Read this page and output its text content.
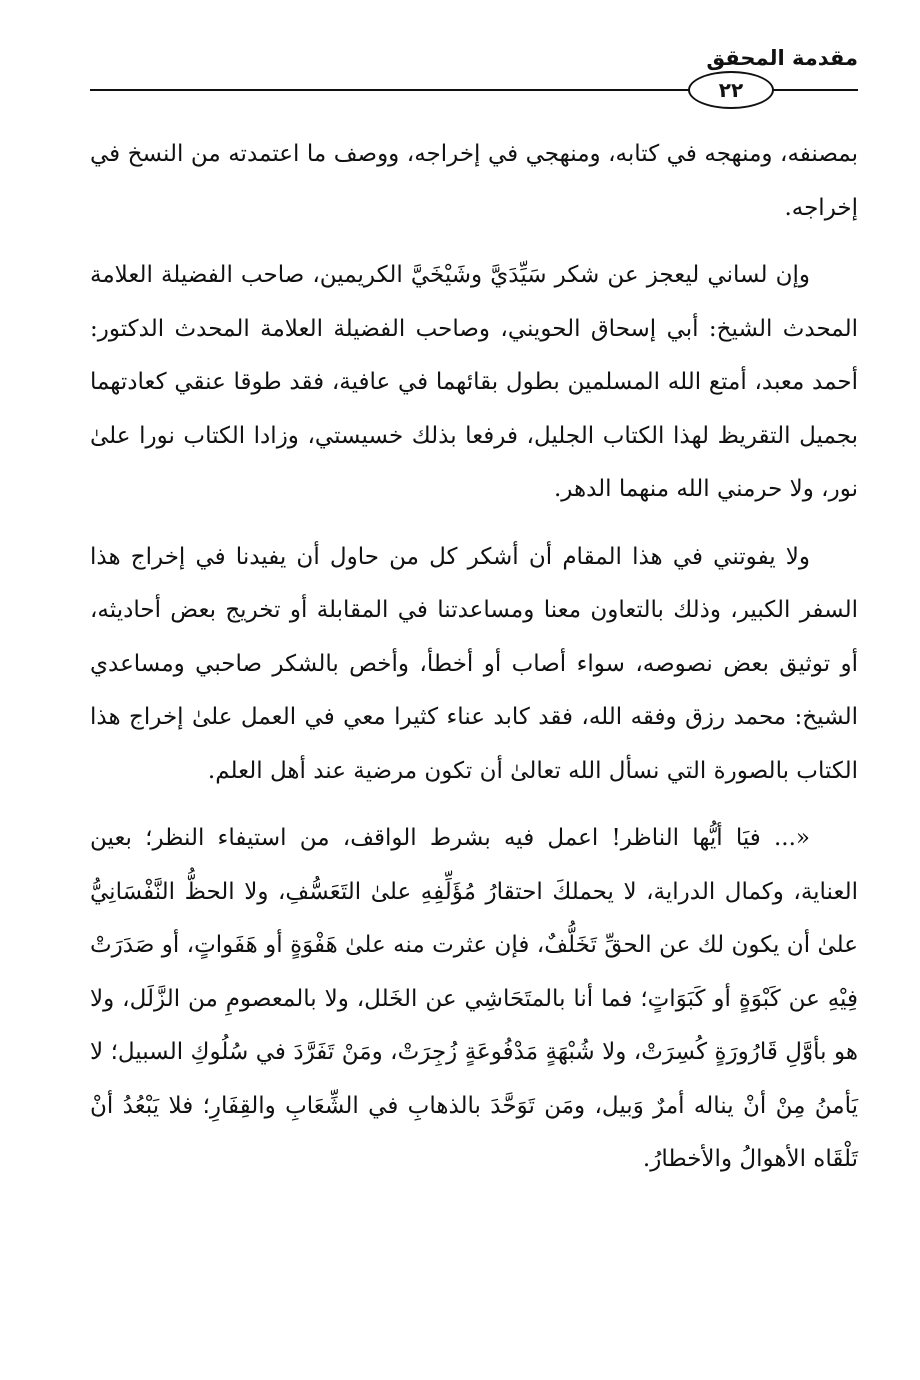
مقدمة المحقق
٢٢

بمصنفه، ومنهجه في كتابه، ومنهجي في إخراجه، ووصف ما اعتمدته من النسخ في إخراجه.

وإن لساني ليعجز عن شكر سَيِّدَيَّ وشَيْخَيَّ الكريمين، صاحب الفضيلة العلامة المحدث الشيخ: أبي إسحاق الحويني، وصاحب الفضيلة العلامة المحدث الدكتور: أحمد معبد، أمتع الله المسلمين بطول بقائهما في عافية، فقد طوقا عنقي كعادتهما بجميل التقريظ لهذا الكتاب الجليل، فرفعا بذلك خسيستي، وزادا الكتاب نورا علىٰ نور، ولا حرمني الله منهما الدهر.

ولا يفوتني في هذا المقام أن أشكر كل من حاول أن يفيدنا في إخراج هذا السفر الكبير، وذلك بالتعاون معنا ومساعدتنا في المقابلة أو تخريج بعض أحاديثه، أو توثيق بعض نصوصه، سواء أصاب أو أخطأ، وأخص بالشكر صاحبي ومساعدي الشيخ: محمد رزق وفقه الله، فقد كابد عناء كثيرا معي في العمل علىٰ إخراج هذا الكتاب بالصورة التي نسأل الله تعالىٰ أن تكون مرضية عند أهل العلم.

«... فيَا أيُّها الناظر! اعمل فيه بشرط الواقف، من استيفاء النظر؛ بعين العناية، وكمال الدراية، لا يحملكَ احتقارُ مُؤَلِّفِهِ علىٰ التَعَسُّفِ، ولا الحظُّ النَّفْسَانِيُّ علىٰ أن يكون لك عن الحقِّ تَخَلُّفٌ، فإن عثرت منه علىٰ هَفْوَةٍ أو هَفَواتٍ، أو صَدَرَتْ فِيْهِ عن كَبْوَةٍ أو كَبَوَاتٍ؛ فما أنا بالمتَحَاشِي عن الخَلل، ولا بالمعصومِ من الزَّلَل، ولا هو بأوَّلِ قَارُورَةٍ كُسِرَتْ، ولا شُبْهَةٍ مَدْفُوعَةٍ زُجِرَتْ، ومَنْ تَفَرَّدَ في سُلُوكِ السبيل؛ لا يَأمنُ مِنْ أنْ يناله أمرٌ وَبيل، ومَن تَوَحَّدَ بالذهابِ في الشِّعَابِ والقِفَارِ؛ فلا يَبْعُدُ أنْ تَلْقَاه الأهوالُ والأخطارُ.
